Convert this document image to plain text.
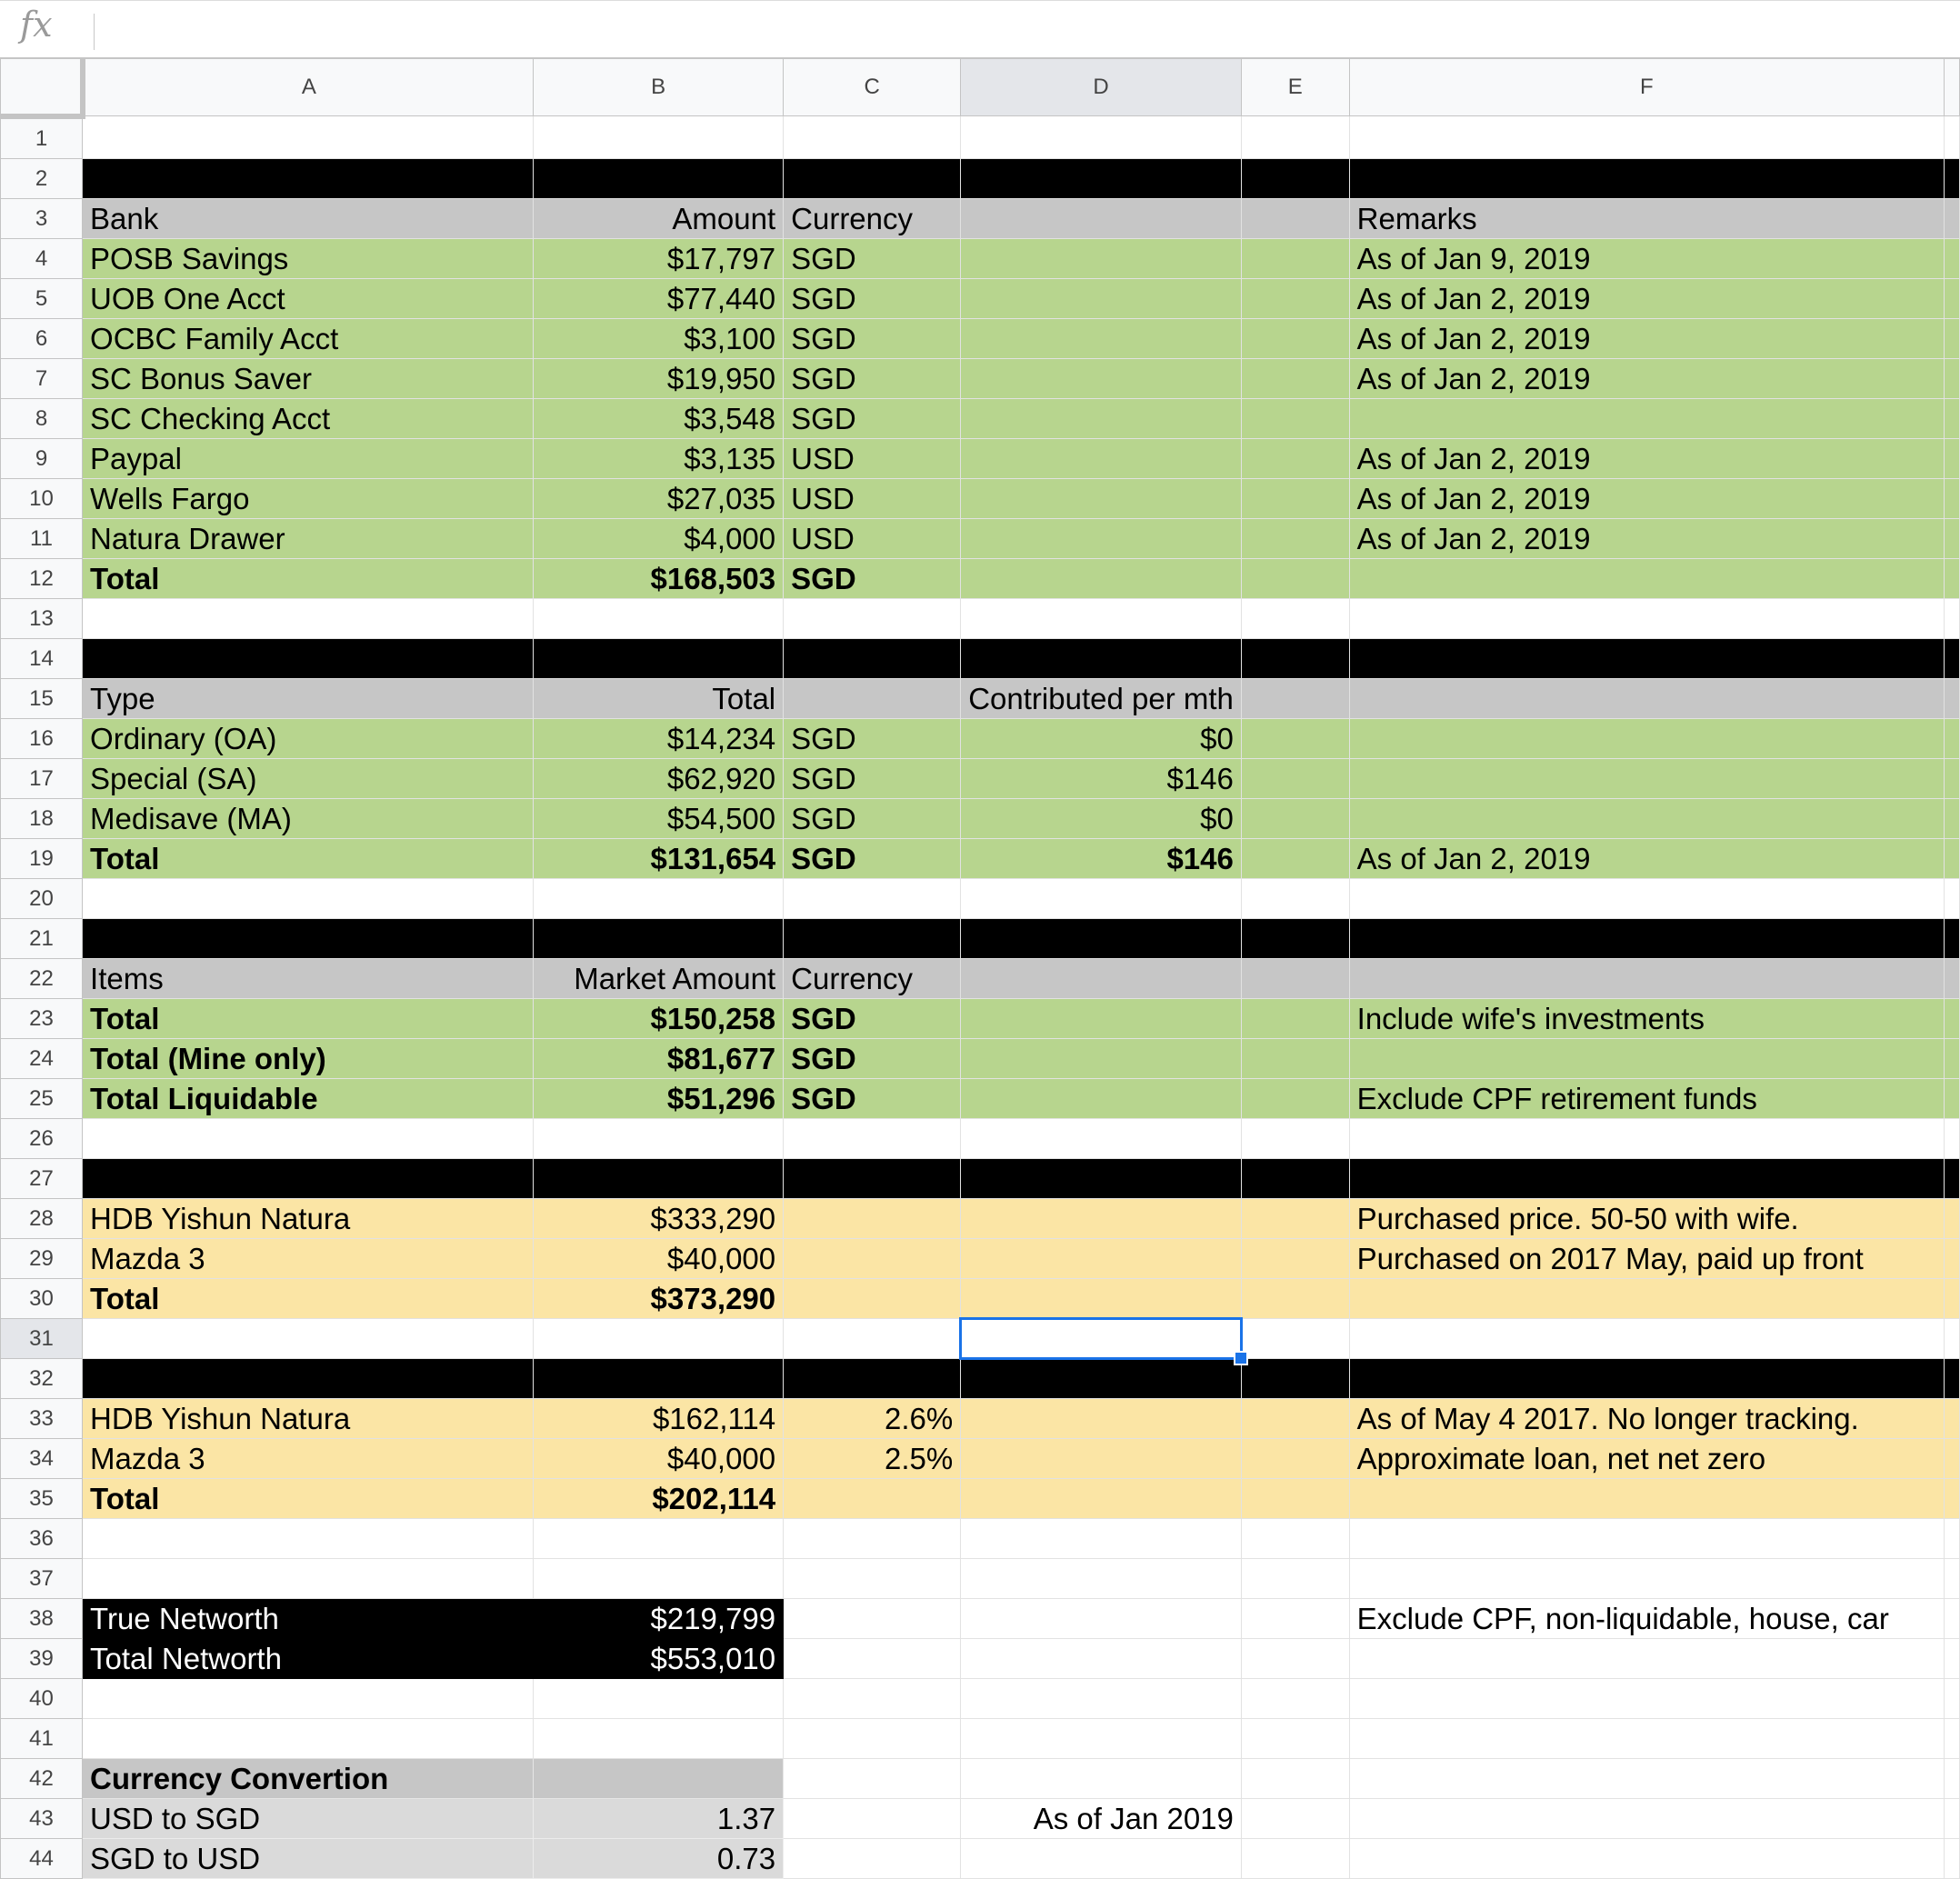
fx
	A	B	C	D	E	F	
1							
2	Bank Accounts/Cash Holdings						
3	Bank	Amount	Currency			Remarks	
4	POSB Savings	$17,797	SGD			As of Jan 9, 2019	
5	UOB One Acct	$77,440	SGD			As of Jan 2, 2019	
6	OCBC Family Acct	$3,100	SGD			As of Jan 2, 2019	
7	SC Bonus Saver	$19,950	SGD			As of Jan 2, 2019	
8	SC Checking Acct	$3,548	SGD				
9	Paypal	$3,135	USD			As of Jan 2, 2019	
10	Wells Fargo	$27,035	USD			As of Jan 2, 2019	
11	Natura Drawer	$4,000	USD			As of Jan 2, 2019	
12	Total	$168,503	SGD				
13							
14	CPF						
15	Type	Total		Contributed per mth			
16	Ordinary (OA)	$14,234	SGD	$0			
17	Special (SA)	$62,920	SGD	$146			
18	Medisave (MA)	$54,500	SGD	$0			
19	Total	$131,654	SGD	$146		As of Jan 2, 2019	
20							
21	Investments						
22	Items	Market Amount	Currency				
23	Total	$150,258	SGD			Include wife's investments	
24	Total (Mine only)	$81,677	SGD				
25	Total Liquidable	$51,296	SGD			Exclude CPF retirement funds	
26							
27	Other Assets	Value					
28	HDB Yishun Natura	$333,290				Purchased price. 50-50 with wife.	
29	Mazda 3	$40,000				Purchased on 2017 May, paid up front	
30	Total	$373,290					
31							
32	Other Loans	Outstanding	Interest				
33	HDB Yishun Natura	$162,114	2.6%			As of May 4 2017. No longer tracking.	
34	Mazda 3	$40,000	2.5%			Approximate loan, net net zero	
35	Total	$202,114					
36							
37							
38	True Networth	$219,799				Exclude CPF, non-liquidable, house, car	
39	Total Networth	$553,010					
40							
41							
42	Currency Convertion						
43	USD to SGD	1.37		As of Jan 2019			
44	SGD to USD	0.73					
